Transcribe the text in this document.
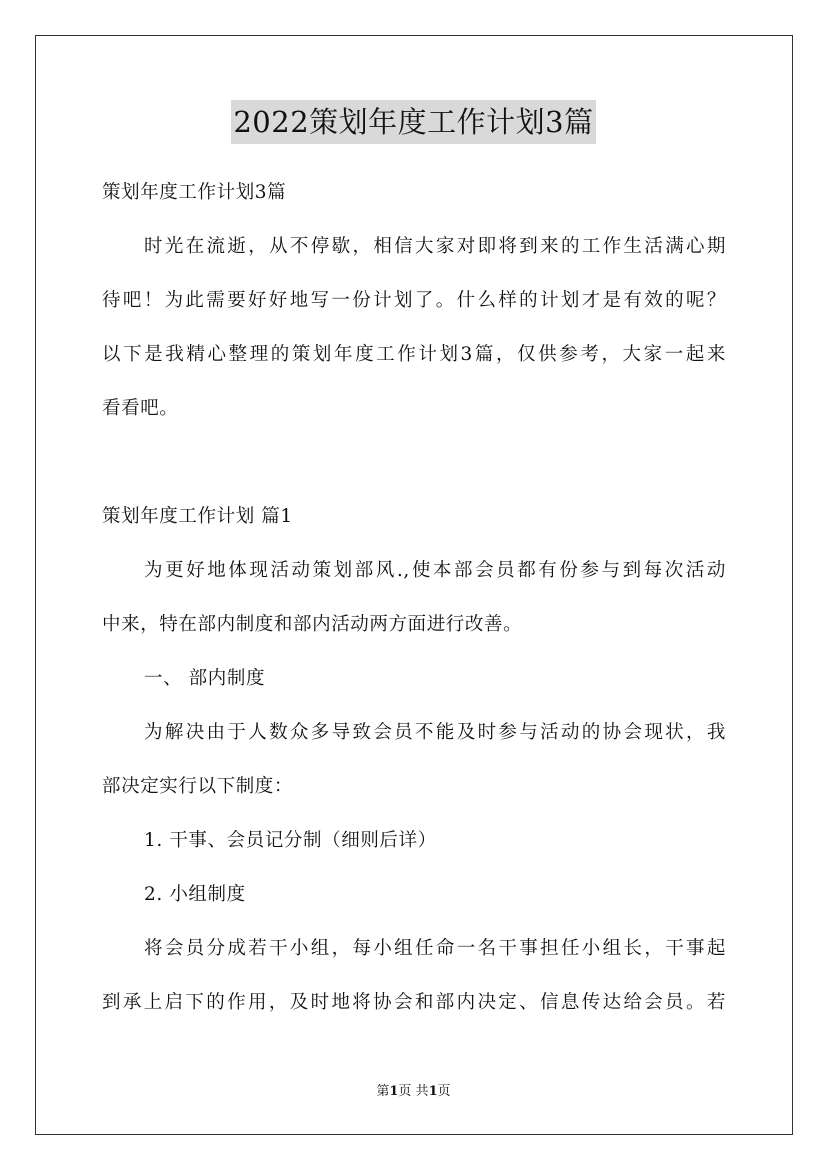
2022策划年度工作计划3篇
策划年度工作计划3篇
时光在流逝，从不停歇，相信大家对即将到来的工作生活满心期
待吧！为此需要好好地写一份计划了。什么样的计划才是有效的呢？
以下是我精心整理的策划年度工作计划3篇，仅供参考，大家一起来
看看吧。
策划年度工作计划 篇1
为更好地体现活动策划部风.,使本部会员都有份参与到每次活动
中来，特在部内制度和部内活动两方面进行改善。
一、 部内制度
为解决由于人数众多导致会员不能及时参与活动的协会现状，我
部决定实行以下制度：
1. 干事、会员记分制（细则后详）
2. 小组制度
将会员分成若干小组，每小组任命一名干事担任小组长，干事起
到承上启下的作用，及时地将协会和部内决定、信息传达给会员。若
第1页 共1页
